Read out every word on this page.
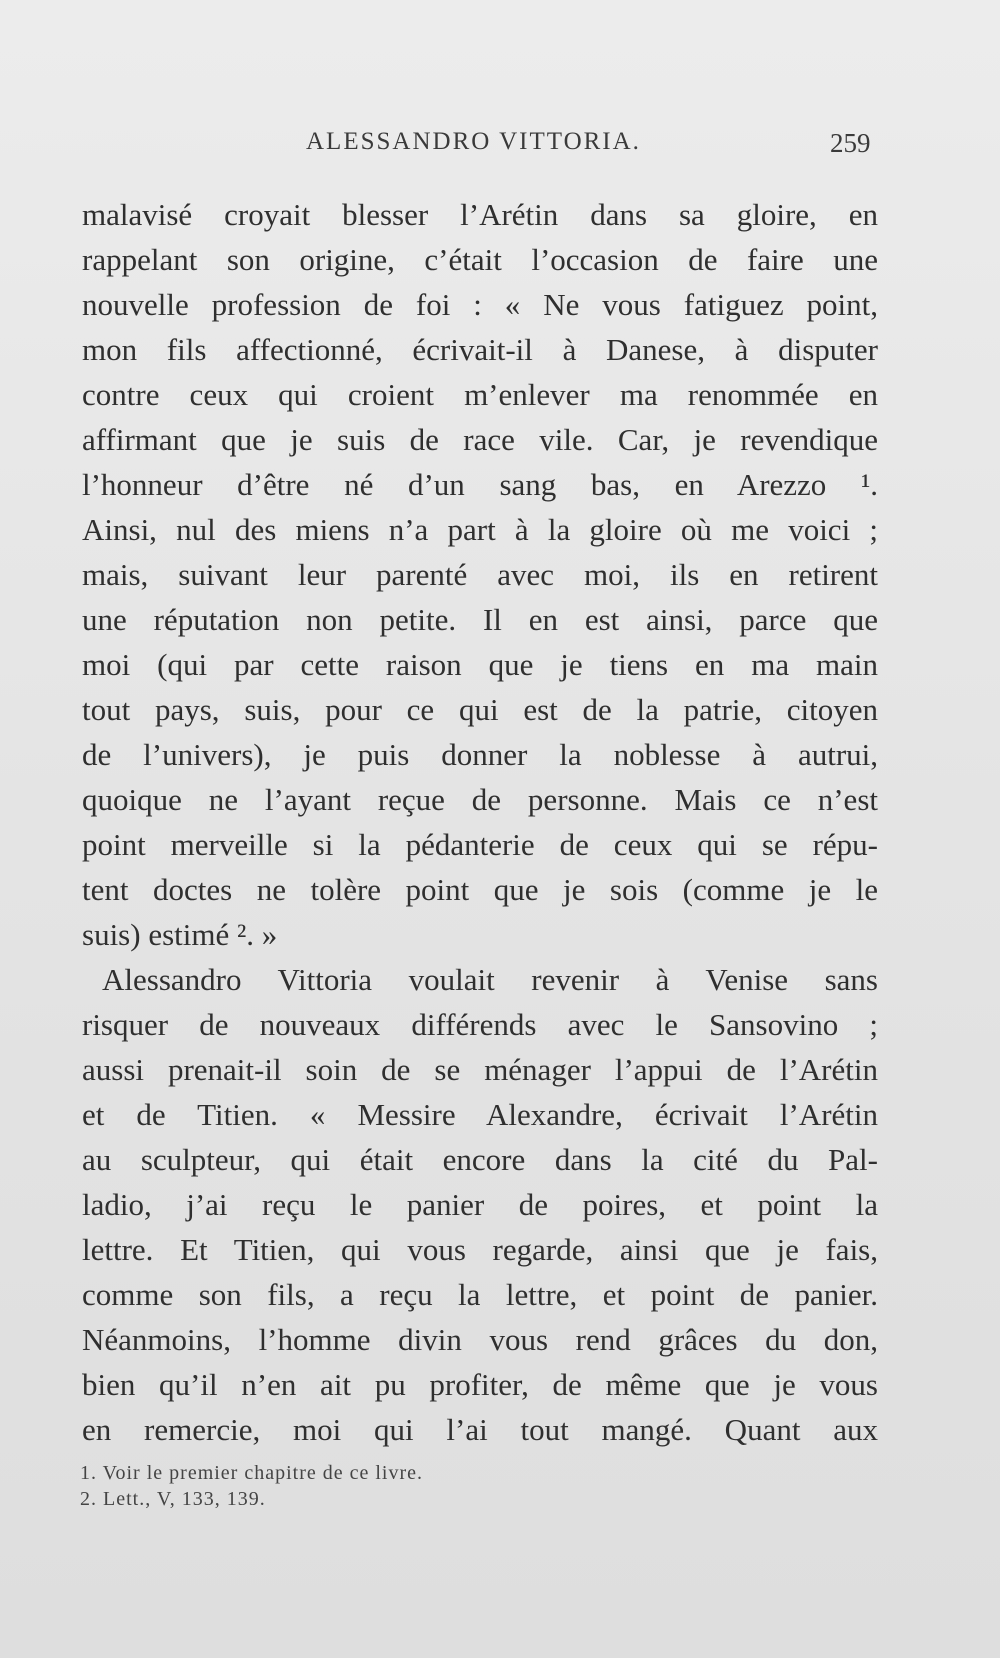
ALESSANDRO VITTORIA.	259
malavisé croyait blesser l’Arétin dans sa gloire, en
rappelant son origine, c’était l’occasion de faire une
nouvelle profession de foi : « Ne vous fatiguez point,
mon fils affectionné, écrivait-il à Danese, à disputer
contre ceux qui croient m’enlever ma renommée en
affirmant que je suis de race vile. Car, je revendique
l’honneur d’être né d’un sang bas, en Arezzo ¹.
Ainsi, nul des miens n’a part à la gloire où me voici ;
mais, suivant leur parenté avec moi, ils en retirent
une réputation non petite. Il en est ainsi, parce que
moi (qui par cette raison que je tiens en ma main
tout pays, suis, pour ce qui est de la patrie, citoyen
de l’univers), je puis donner la noblesse à autrui,
quoique ne l’ayant reçue de personne. Mais ce n’est
point merveille si la pédanterie de ceux qui se répu-
tent doctes ne tolère point que je sois (comme je le
suis) estimé ². »
Alessandro Vittoria voulait revenir à Venise sans
risquer de nouveaux différends avec le Sansovino ;
aussi prenait-il soin de se ménager l’appui de l’Arétin
et de Titien. « Messire Alexandre, écrivait l’Arétin
au sculpteur, qui était encore dans la cité du Pal-
ladio, j’ai reçu le panier de poires, et point la
lettre. Et Titien, qui vous regarde, ainsi que je fais,
comme son fils, a reçu la lettre, et point de panier.
Néanmoins, l’homme divin vous rend grâces du don,
bien qu’il n’en ait pu profiter, de même que je vous
en remercie, moi qui l’ai tout mangé. Quant aux
1. Voir le premier chapitre de ce livre.
2. Lett., V, 133, 139.
